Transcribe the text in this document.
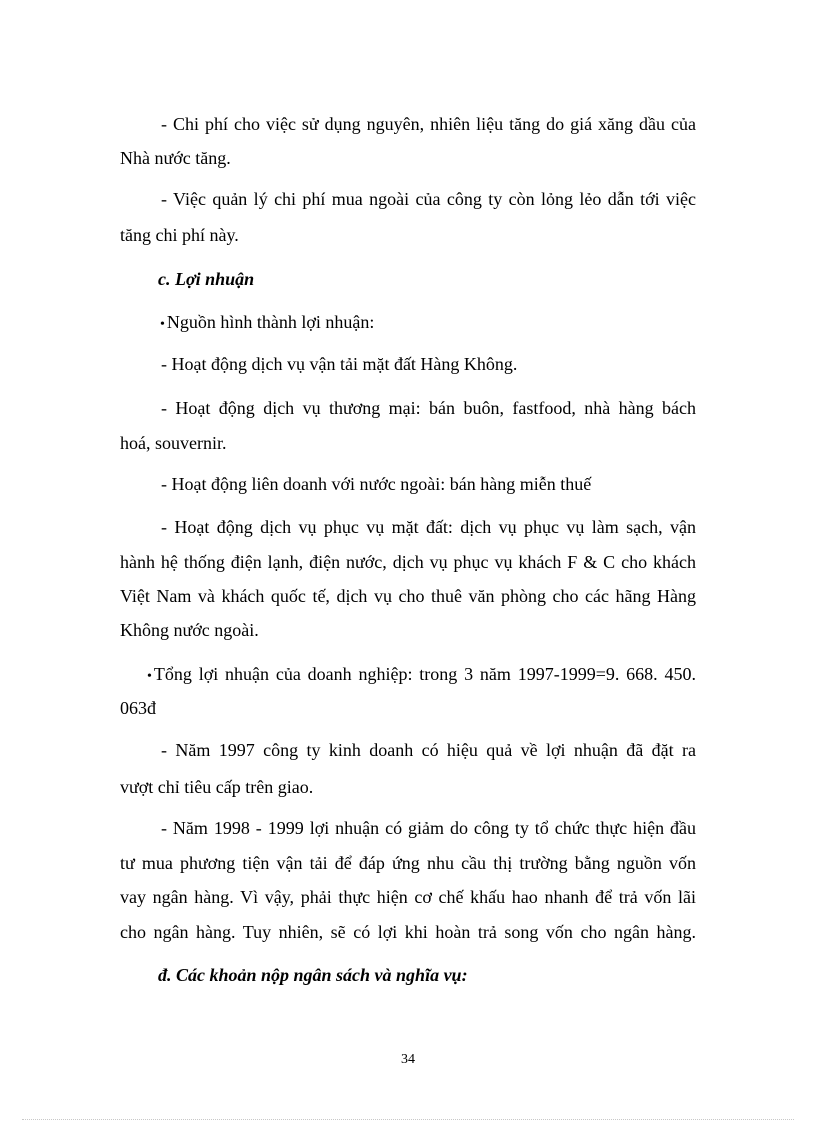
- Chi phí cho việc sử dụng nguyên, nhiên liệu tăng do giá xăng dầu của
Nhà nước tăng.
- Việc quản lý chi phí mua ngoài của công ty còn lỏng lẻo dẫn tới việc
tăng chi phí này.
c. Lợi nhuận
• Nguồn hình thành lợi nhuận:
- Hoạt động dịch vụ vận tải mặt đất Hàng Không.
- Hoạt động dịch vụ thương mại: bán buôn, fastfood, nhà hàng bách
hoá, souvernir.
- Hoạt động liên doanh với nước ngoài: bán hàng miễn thuế
- Hoạt động dịch vụ phục vụ mặt đất: dịch vụ phục vụ làm sạch, vận
hành hệ thống điện lạnh, điện nước, dịch vụ phục vụ khách F & C cho khách
Việt Nam và khách quốc tế, dịch vụ cho thuê văn phòng cho các hãng Hàng
Không nước ngoài.
• Tổng lợi nhuận của doanh nghiệp: trong 3 năm 1997-1999=9. 668. 450.
063đ
- Năm 1997 công ty kinh doanh có hiệu quả về lợi nhuận đã đặt ra
vượt chỉ tiêu cấp trên giao.
- Năm 1998 - 1999 lợi nhuận có giảm do công ty tổ chức thực hiện đầu
tư mua phương tiện vận tải để đáp ứng nhu cầu thị trường bằng nguồn vốn
vay ngân hàng. Vì vậy, phải thực hiện cơ chế khấu hao nhanh để trả vốn lãi
cho ngân hàng. Tuy nhiên, sẽ có lợi khi hoàn trả song vốn cho ngân hàng.
đ. Các khoản nộp ngân sách và nghĩa vụ:
34
